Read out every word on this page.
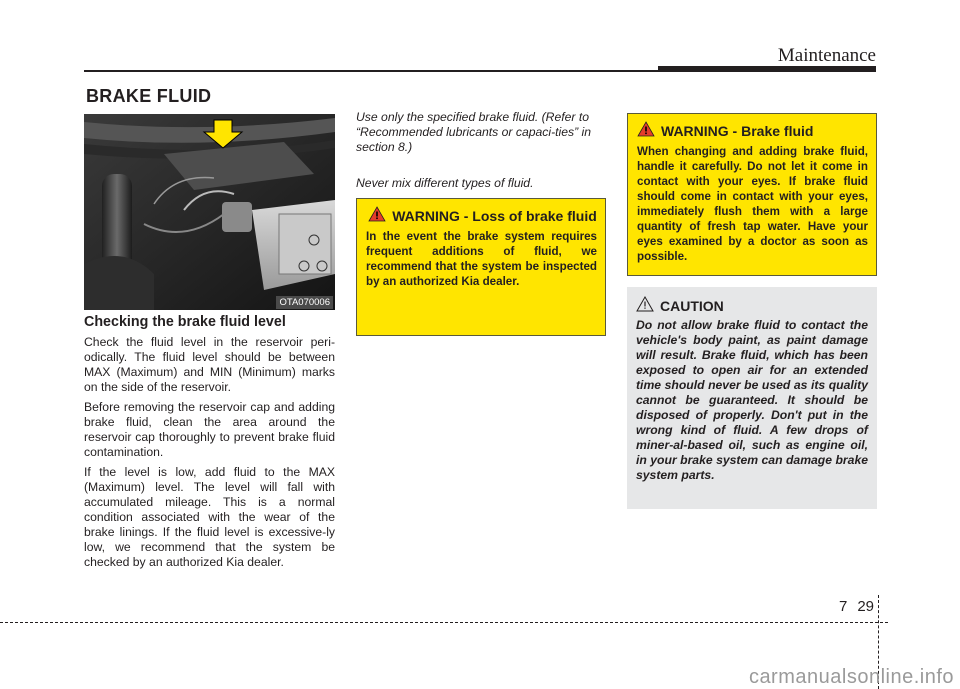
Maintenance
BRAKE FLUID
OTA070006
Checking the brake fluid level

Check the fluid level in the reservoir peri-odically. The fluid level should be between MAX (Maximum) and MIN (Minimum) marks on the side of the reservoir.

Before removing the reservoir cap and adding brake fluid, clean the area around the reservoir cap thoroughly to prevent brake fluid contamination.

If the level is low, add fluid to the MAX (Maximum) level. The level will fall with accumulated mileage. This is a normal condition associated with the wear of the brake linings. If the fluid level is excessive-ly low, we recommend that the system be checked by an authorized Kia dealer.

Use only the specified brake fluid. (Refer to “Recommended lubricants or capaci-ties” in section 8.)

Never mix different types of fluid.

WARNING - Loss of brake fluid
In the event the brake system requires frequent additions of fluid, we recommend that the system be inspected by an authorized Kia dealer.
WARNING - Brake fluid
When changing and adding brake fluid, handle it carefully. Do not let it come in contact with your eyes. If brake fluid should come in contact with your eyes, immediately flush them with a large quantity of fresh tap water. Have your eyes examined by a doctor as soon as possible.
CAUTION
Do not allow brake fluid to contact the vehicle's body paint, as paint damage will result. Brake fluid, which has been exposed to open air for an extended time should never be used as its quality cannot be guaranteed. It should be disposed of properly. Don't put in the wrong kind of fluid. A few drops of miner-al-based oil, such as engine oil, in your brake system can damage brake system parts.
7 29
carmanualsonline.info
